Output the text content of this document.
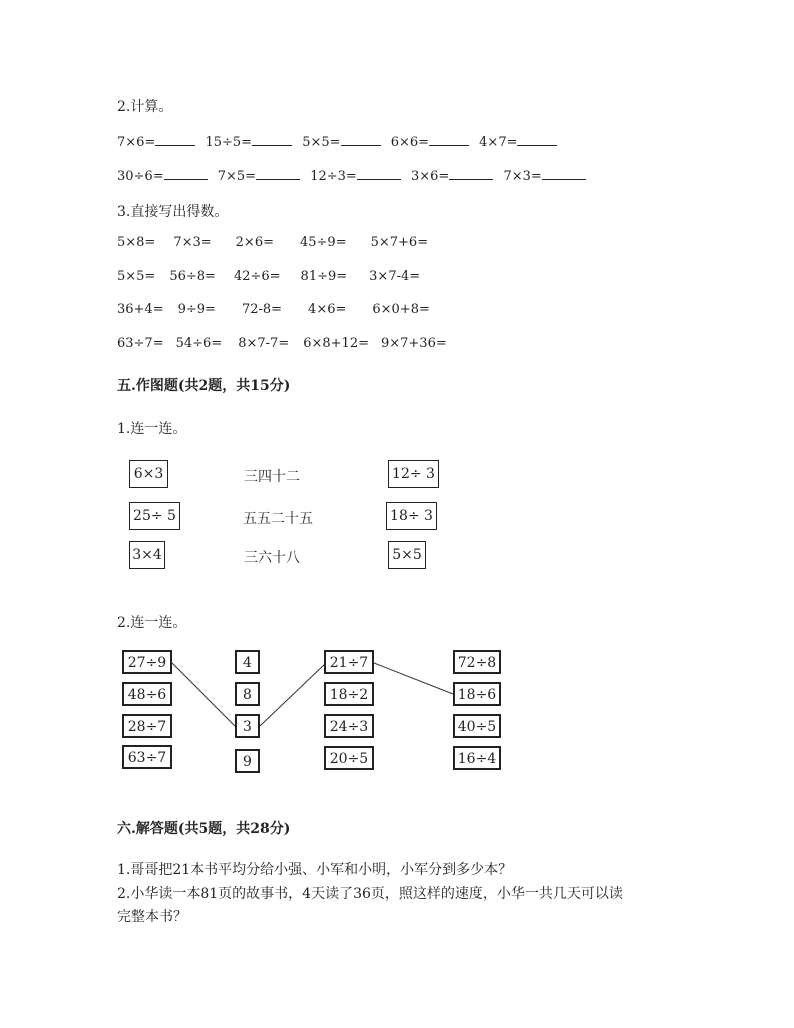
2.计算。
7×6=	15÷5=	5×5=	6×6=	4×7=
30÷6=	7×5=	12÷3=	3×6=	7×3=
3.直接写出得数。
5×8= 7×3= 2×6= 45÷9= 5×7+6=
5×5= 56÷8= 42÷6= 81÷9= 3×7-4=
36+4= 9÷9= 72-8= 4×6= 6×0+8=
63÷7= 54÷6= 8×7-7= 6×8+12= 9×7+36=
五.作图题(共2题，共15分)
1.连一连。
6×3
25÷ 5
3×4
三四十二
五五二十五
三六十八
12÷ 3
18÷ 3
5×5
2.连一连。
27÷9
48÷6
28÷7
63÷7
4
8
3
9
21÷7
18÷2
24÷3
20÷5
72÷8
18÷6
40÷5
16÷4
六.解答题(共5题，共28分)
1.哥哥把21本书平均分给小强、小军和小明，小军分到多少本？
2.小华读一本81页的故事书，4天读了36页，照这样的速度，小华一共几天可以读
完整本书？
